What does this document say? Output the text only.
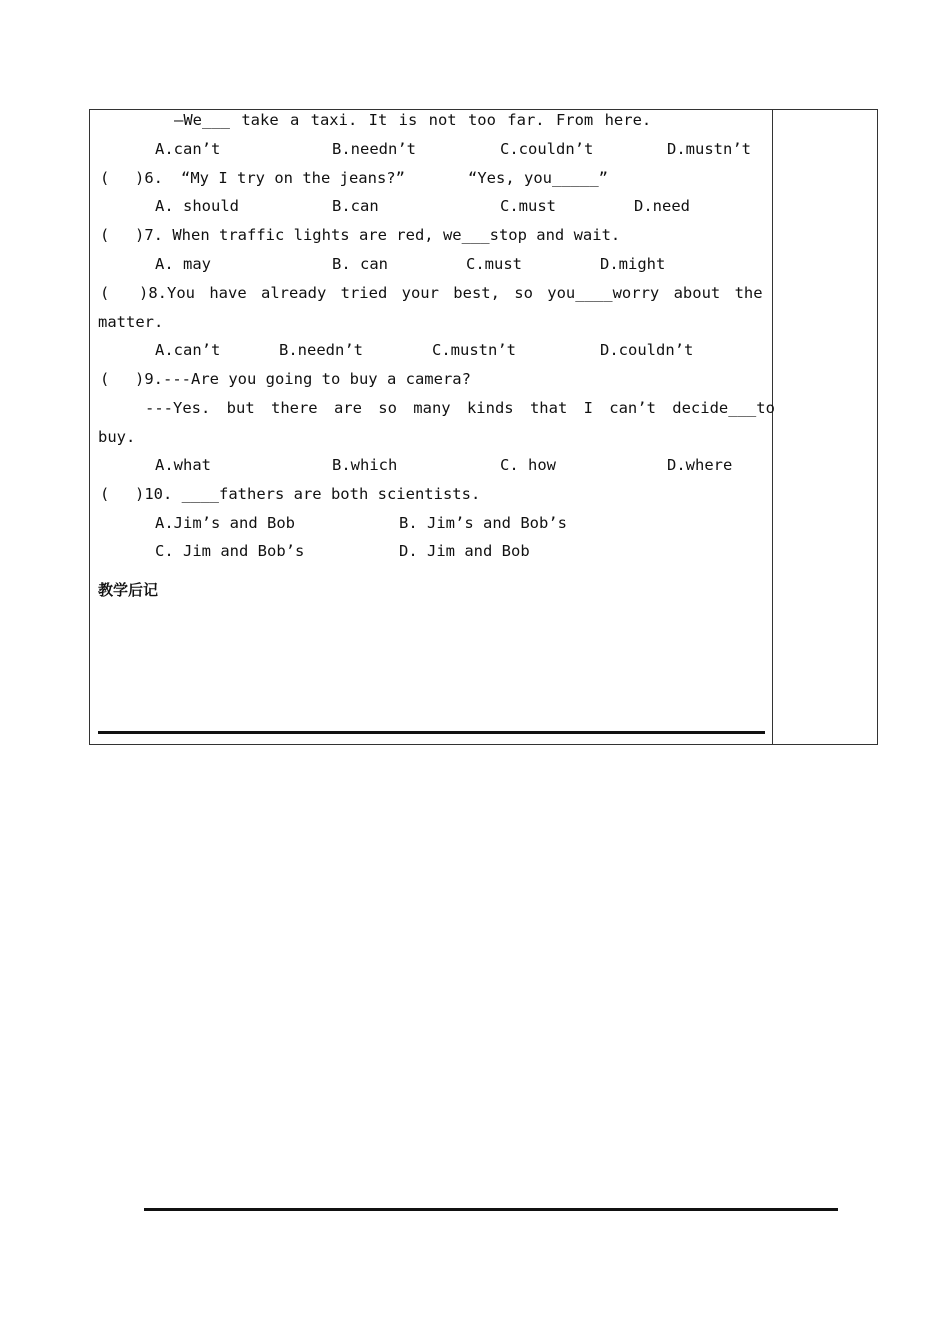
—We___ take a taxi. It is not too far. From here.

A.can’t

	B.needn’t

	C.couldn’t

	D.mustn’t

(

)6.

“My I try on the jeans?”

	“Yes, you_____”

A. should

	B.can

	C.must

	D.need

(

)7. When traffic lights are red, we___stop and wait.

A. may

	B. can

	C.must

	D.might

(

)8.You have already tried your best, so you____worry about the

matter.

A.can’t

	B.needn’t

	C.mustn’t

	D.couldn’t

(

)9.---Are you going to buy a camera?

---Yes. but there are so many kinds that I can’t decide___to

buy.

A.what

	B.which

	C. how

	D.where

(

)10. ____fathers are both scientists.

A.Jim’s and Bob

	B. Jim’s and Bob’s

C. Jim and Bob’s

	D. Jim and Bob

教学后记
